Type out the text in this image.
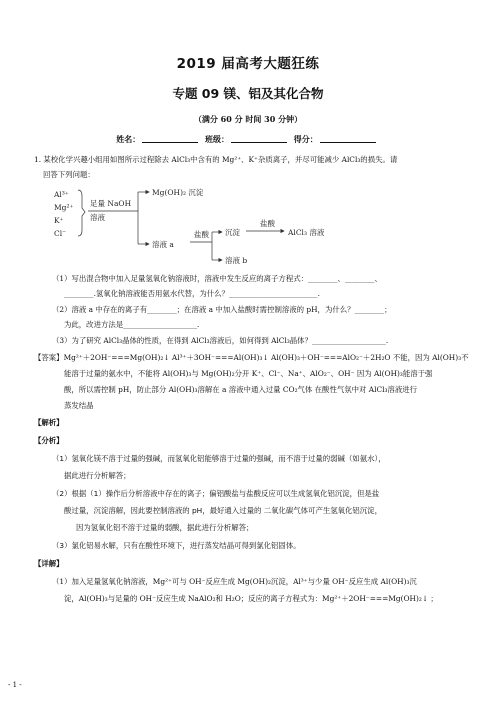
2019 届高考大题狂练
专题 09 镁、铝及其化合物
（满分 60 分 时间 30 分钟）
姓名：	班级：	得分：
1. 某校化学兴趣小组用如图所示过程除去 AlCl₃中含有的 Mg²⁺、K⁺杂质离子，并尽可能减少 AlCl₃的损失。请
回答下列问题：
Al³⁺
Mg²⁺
K⁺
Cl⁻
足量 NaOH
溶液
Mg(OH)₂ 沉淀
溶液 a
盐酸 沉淀
盐酸
AlCl₃ 溶液
溶液 b
（1）写出混合物中加入足量氢氧化钠溶液时，溶液中发生反应的离子方程式：________、________、
________.氢氧化钠溶液能否用氨水代替，为什么？________________________.
（2）溶液 a 中存在的离子有________；在溶液 a 中加入盐酸时需控制溶液的 pH，为什么？________；
为此，改进方法是____________________.
（3）为了研究 AlCl₃晶体的性质，在得到 AlCl₃溶液后，如何得到 AlCl₃晶体？____________________.
【答案】Mg²⁺＋2OH⁻===Mg(OH)₂↓ Al³⁺＋3OH⁻===Al(OH)₃↓ Al(OH)₃＋OH⁻===AlO₂⁻＋2H₂O 不能，因为 Al(OH)₃不
能溶于过量的氨水中，不能将 Al(OH)₃与 Mg(OH)₂分开 K⁺、Cl⁻、Na⁺、AlO₂⁻、OH⁻ 因为 Al(OH)₃能溶于强
酸，所以需控制 pH，防止部分 Al(OH)₃溶解在 a 溶液中通入过量 CO₂气体 在酸性气氛中对 AlCl₃溶液进行
蒸发结晶
【解析】
【分析】
（1）氢氧化镁不溶于过量的强碱，而氢氧化铝能够溶于过量的强碱，而不溶于过量的弱碱（如氨水），
据此进行分析解答；
（2）根据（1）操作后分析溶液中存在的离子；偏铝酸盐与盐酸反应可以生成氢氧化铝沉淀，但是盐
酸过量，沉淀溶解，因此要控制溶液的 pH，最好通入过量的 二氧化碳气体可产生氢氧化铝沉淀，
因为氢氧化铝不溶于过量的弱酸，据此进行分析解答；
（3）氯化铝易水解，只有在酸性环境下，进行蒸发结晶可得到氯化铝固体。
【详解】
（1）加入足量氢氧化钠溶液，Mg²⁺可与 OH⁻反应生成 Mg(OH)₂沉淀，Al³⁺与少量 OH⁻反应生成 Al(OH)₃沉
淀，Al(OH)₃与足量的 OH⁻反应生成 NaAlO₂和 H₂O；反应的离子方程式为：Mg²⁺＋2OH⁻===Mg(OH)₂↓ ；
- 1 -
